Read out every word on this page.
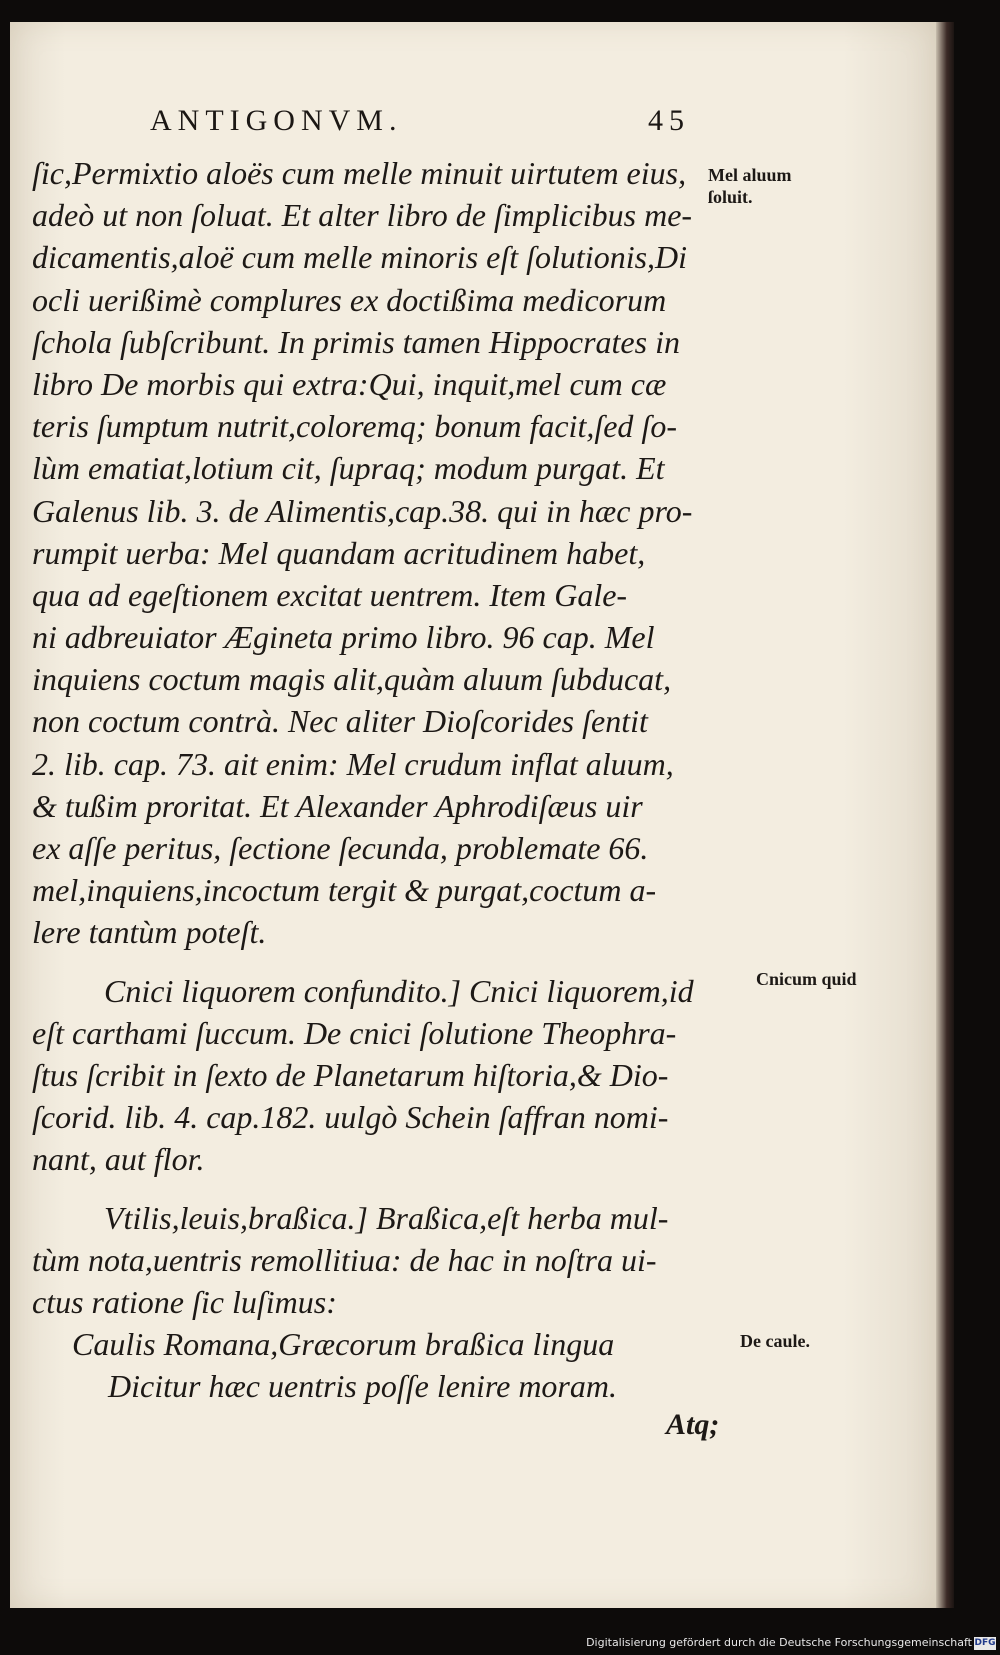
ANTIGONVM.	45
ſic,Permixtio aloës cum melle minuit uirtutem eius,
adeò ut non ſoluat. Et alter libro de ſimplicibus me-
dicamentis,aloë cum melle minoris eſt ſolutionis,Di
ocli uerißimè complures ex doctißima medicorum
ſchola ſubſcribunt. In primis tamen Hippocrates in
libro De morbis qui extra:Qui, inquit,mel cum cæ
teris ſumptum nutrit,coloremq; bonum facit,ſed ſo-
lùm ematiat,lotium cit, ſupraq; modum purgat. Et
Galenus lib. 3. de Alimentis,cap.38. qui in hæc pro-
rumpit uerba: Mel quandam acritudinem habet,
qua ad egeſtionem excitat uentrem. Item Gale-
ni adbreuiator Ægineta primo libro. 96 cap. Mel
inquiens coctum magis alit,quàm aluum ſubducat,
non coctum contrà. Nec aliter Dioſcorides ſentit
2. lib. cap. 73. ait enim: Mel crudum inflat aluum,
& tußim proritat. Et Alexander Aphrodiſæus uir
ex aſſe peritus, ſectione ſecunda, problemate 66.
mel,inquiens,incoctum tergit & purgat,coctum a-
lere tantùm poteſt.
Cnici liquorem confundito.] Cnici liquorem,id
eſt carthami ſuccum. De cnici ſolutione Theophra-
ſtus ſcribit in ſexto de Planetarum hiſtoria,& Dio-
ſcorid. lib. 4. cap.182. uulgò Schein ſaffran nomi-
nant, aut flor.
Vtilis,leuis,braßica.] Braßica,eſt herba mul-
tùm nota,uentris remollitiua: de hac in noſtra ui-
ctus ratione ſic luſimus:
Caulis Romana,Græcorum braßica lingua
Dicitur hæc uentris poſſe lenire moram.
Mel aluum
ſoluit.
Cnicum quid
De caule.
Atq;
Digitalisierung gefördert durch die Deutsche Forschungsgemeinschaft DFG
